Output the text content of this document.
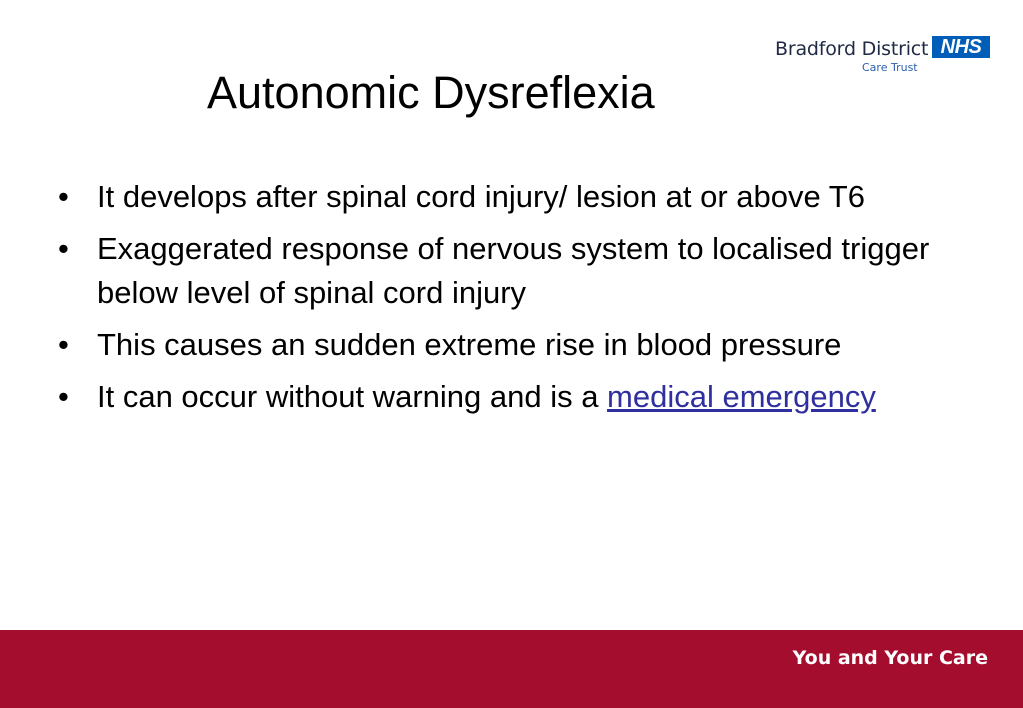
Bradford District NHS
Care Trust
Autonomic Dysreflexia
• It develops after spinal cord injury/ lesion at or above T6
• Exaggerated response of nervous system to localised trigger below level of spinal cord injury
• This causes an sudden extreme rise in blood pressure
• It can occur without warning and is a medical emergency
You and Your Care
